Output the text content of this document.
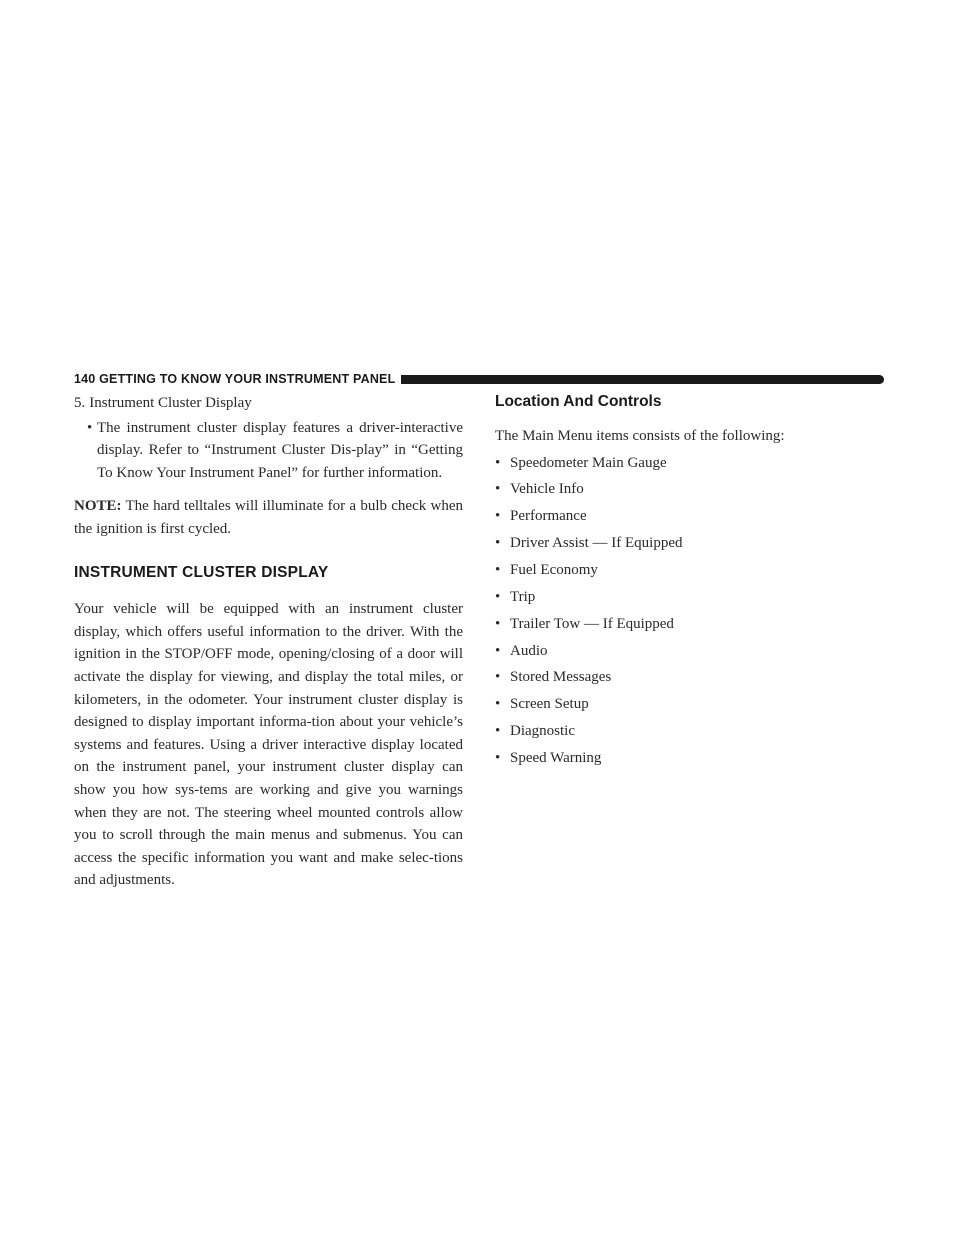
140 GETTING TO KNOW YOUR INSTRUMENT PANEL

5. Instrument Cluster Display

• The instrument cluster display features a driver-interactive display. Refer to “Instrument Cluster Dis-play” in “Getting To Know Your Instrument Panel” for further information.

NOTE: The hard telltales will illuminate for a bulb check when the ignition is first cycled.

INSTRUMENT CLUSTER DISPLAY

Your vehicle will be equipped with an instrument cluster display, which offers useful information to the driver. With the ignition in the STOP/OFF mode, opening/closing of a door will activate the display for viewing, and display the total miles, or kilometers, in the odometer. Your instrument cluster display is designed to display important informa-tion about your vehicle’s systems and features. Using a driver interactive display located on the instrument panel, your instrument cluster display can show you how sys-tems are working and give you warnings when they are not. The steering wheel mounted controls allow you to scroll through the main menus and submenus. You can access the specific information you want and make selec-tions and adjustments.

Location And Controls

The Main Menu items consists of the following:

• Speedometer Main Gauge
• Vehicle Info
• Performance
• Driver Assist — If Equipped
• Fuel Economy
• Trip
• Trailer Tow — If Equipped
• Audio
• Stored Messages
• Screen Setup
• Diagnostic
• Speed Warning
